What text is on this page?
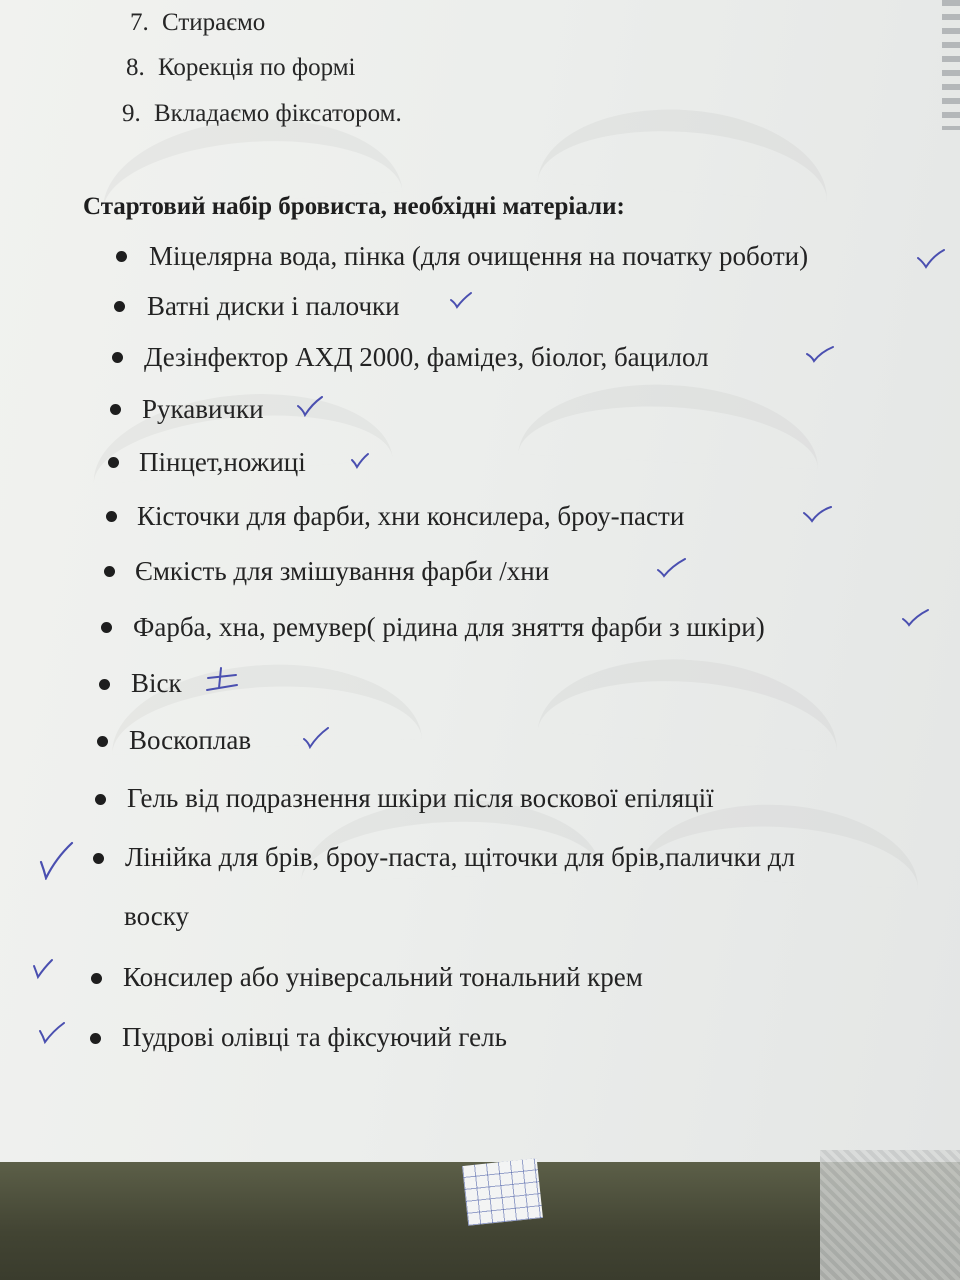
7. Стираємо
8. Корекція по формі
9. Вкладаємо фіксатором.
Стартовий набір бровиста, необхідні матеріали:
Міцелярна вода, пінка (для очищення на початку роботи)
Ватні диски і палочки
Дезінфектор АХД 2000, фамідез, біолог, бацилол
Рукавички
Пінцет,ножиці
Кісточки для фарби, хни консилера, броу-пасти
Ємкість для змішування фарби /хни
Фарба, хна, ремувер( рідина для зняття фарби з шкіри)
Віск
Воскоплав
Гель від подразнення шкіри після воскової епіляції
Лінійка для брів, броу-паста, щіточки для брів,палички дл
воску
Консилер або універсальний тональний крем
Пудрові олівці та фіксуючий гель
